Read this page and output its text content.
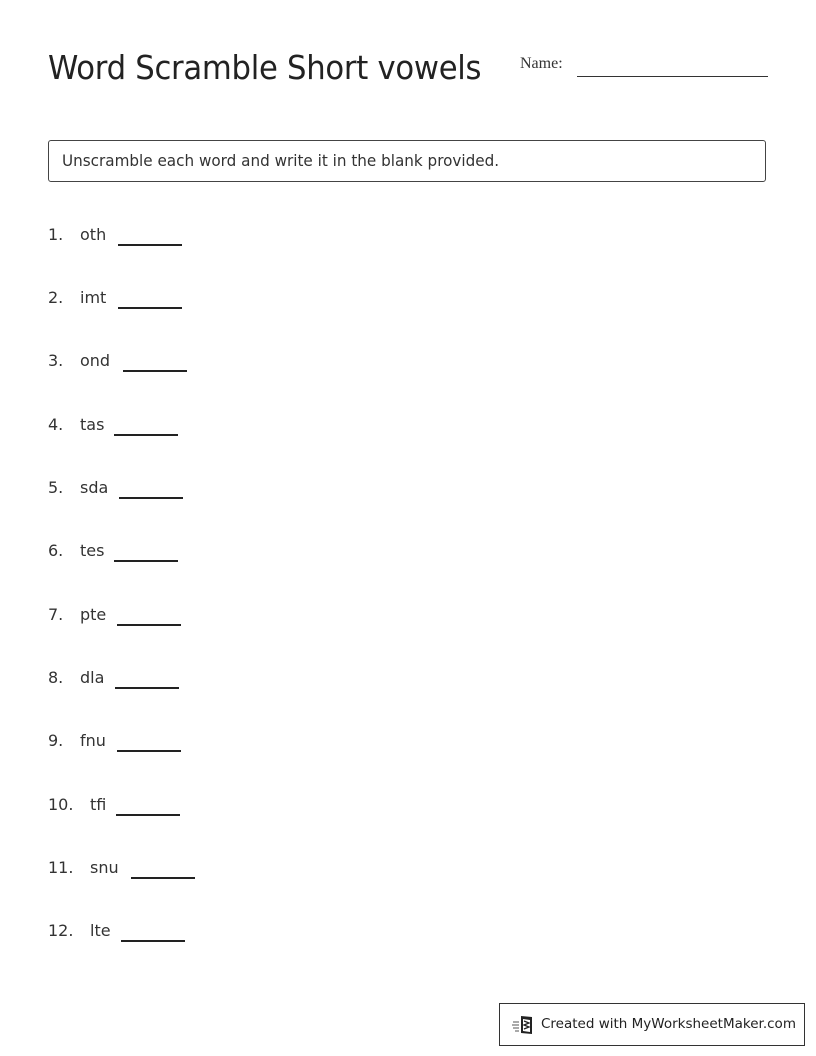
Word Scramble Short vowels Name:
Unscramble each word and write it in the blank provided.
1. oth
2. imt
3. ond
4. tas
5. sda
6. tes
7. pte
8. dla
9. fnu
10. tfi
11. snu
12. lte
Created with MyWorksheetMaker.com
